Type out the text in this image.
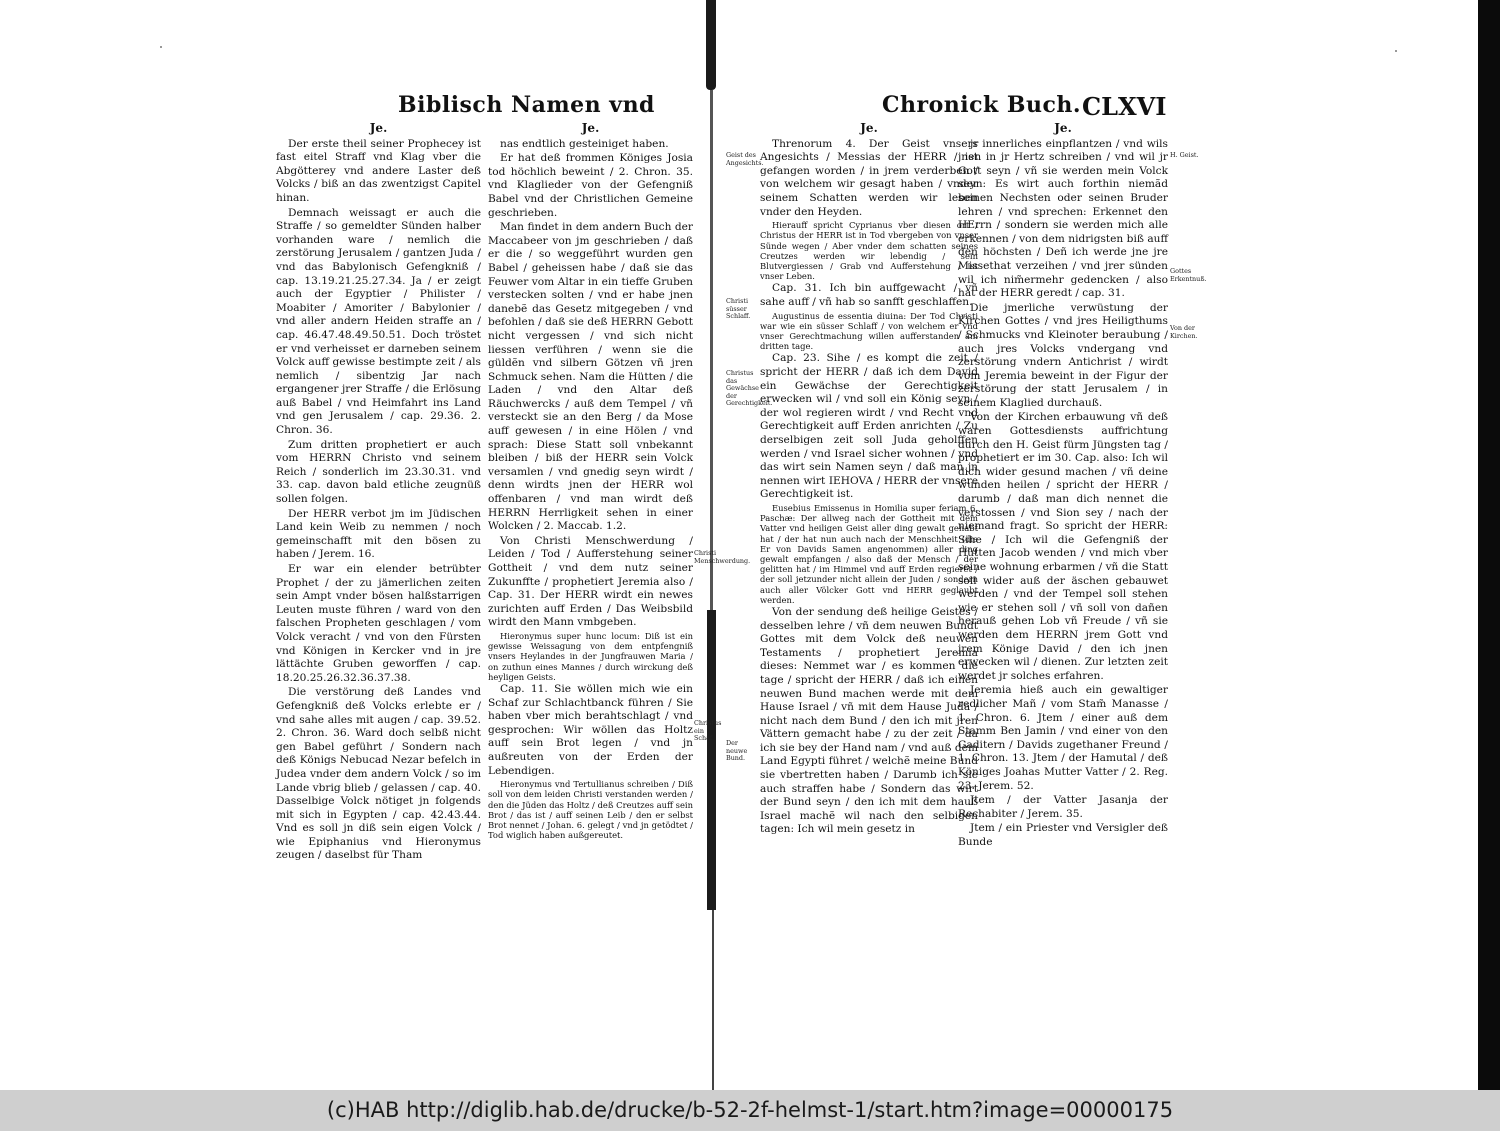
Biblisch Namen vnd
Je.

Der erste theil seiner Prophecey ist fast eitel Straff vnd Klag vber die Abgötterey vnd andere Laster deß Volcks / biß an das zwentzigst Capitel hinan.

Demnach weissagt er auch die Straffe / so gemeldter Sünden halber vorhanden ware / nemlich die zerstörung Jerusalem / gantzen Juda / vnd das Babylonisch Gefengkniß / cap. 13.19.21.25.27.34. Ja / er zeigt auch der Egyptier / Philister / Moabiter / Amoriter / Babylonier / vnd aller andern Heiden straffe an / cap. 46.47.48.49.50.51. Doch tröstet er vnd verheisset er darneben seinem Volck auff gewisse bestimpte zeit / als nemlich / sibentzig Jar nach ergangener jrer Straffe / die Erlösung auß Babel / vnd Heimfahrt ins Land vnd gen Jerusalem / cap. 29.36. 2. Chron. 36.

Zum dritten prophetiert er auch vom HERRN Christo vnd seinem Reich / sonderlich im 23.30.31. vnd 33. cap. davon bald etliche zeugnüß sollen folgen.

Der HERR verbot jm im Jüdischen Land kein Weib zu nemmen / noch gemeinschafft mit den bösen zu haben / Jerem. 16.

Er war ein elender betrübter Prophet / der zu jämerlichen zeiten sein Ampt vnder bösen halßstarrigen Leuten muste führen / ward von den falschen Propheten geschlagen / vom Volck veracht / vnd von den Fürsten vnd Königen in Kercker vnd in jre lättächte Gruben geworffen / cap. 18.20.25.26.32.36.37.38.

Die verstörung deß Landes vnd Gefengkniß deß Volcks erlebte er / vnd sahe alles mit augen / cap. 39.52. 2. Chron. 36. Ward doch selbß nicht gen Babel geführt / Sondern nach deß Königs Nebucad Nezar befelch in Judea vnder dem andern Volck / so im Lande vbrig blieb / gelassen / cap. 40. Dasselbige Volck nötiget jn folgends mit sich in Egypten / cap. 42.43.44. Vnd es soll jn diß sein eigen Volck / wie Epiphanius vnd Hieronymus zeugen / daselbst für Tham

Je.

nas endtlich gesteiniget haben.

Er hat deß frommen Königes Josia tod höchlich beweint / 2. Chron. 35. vnd Klaglieder von der Gefengniß Babel vnd der Christlichen Gemeine geschrieben.

Man findet in dem andern Buch der Maccabeer von jm geschrieben / daß er die / so weggeführt wurden gen Babel / geheissen habe / daß sie das Feuwer vom Altar in ein tieffe Gruben verstecken solten / vnd er habe jnen danebẽ das Gesetz mitgegeben / vnd befohlen / daß sie deß HERRN Gebott nicht vergessen / vnd sich nicht liessen verführen / wenn sie die güldẽn vnd silbern Götzen vñ jren Schmuck sehen. Nam die Hütten / die Laden / vnd den Altar deß Räuchwercks / auß dem Tempel / vñ versteckt sie an den Berg / da Mose auff gewesen / in eine Hölen / vnd sprach: Diese Statt soll vnbekannt bleiben / biß der HERR sein Volck versamlen / vnd gnedig seyn wirdt / denn wirdts jnen der HERR wol offenbaren / vnd man wirdt deß HERRN Herrligkeit sehen in einer Wolcken / 2. Maccab. 1.2.

Von Christi Menschwerdung / Leiden / Tod / Aufferstehung seiner Gottheit / vnd dem nutz seiner Zukunffte / prophetiert Jeremia also / Cap. 31. Der HERR wirdt ein newes zurichten auff Erden / Das Weibsbild wirdt den Mann vmbgeben.

Hieronymus super hunc locum: Diß ist ein gewisse Weissagung von dem entpfengniß vnsers Heylandes in der Jungfrauwen Maria / on zuthun eines Mannes / durch wirckung deß heyligen Geists.

Cap. 11. Sie wöllen mich wie ein Schaf zur Schlachtbanck führen / Sie haben vber mich berahtschlagt / vnd gesprochen: Wir wöllen das Holtz auff sein Brot legen / vnd jn außreuten von der Erden der Lebendigen.

Hieronymus vnd Tertullianus schreiben / Diß soll von dem leiden Christi verstanden werden / den die Jüden das Holtz / deß Creutzes auff sein Brot / das ist / auff seinen Leib / den er selbst Brot nennet / Johan. 6. gelegt / vnd jn getödtet / Tod wiglich haben außgereutet.

Christi Menschwerdung.
Christus ein Schaf.
Chronick Buch. CLXVI
Je.

Threnorum 4. Der Geist vnsers Angesichts / Messias der HERR / ist gefangen worden / in jrem verderben / von welchem wir gesagt haben / vnder seinem Schatten werden wir leben vnder den Heyden.

Hierauff spricht Cyprianus vber diesen ort / Christus der HERR ist in Tod vbergeben von vnser Sünde wegen / Aber vnder dem schatten seines Creutzes werden wir lebendig / sein Blutvergiessen / Grab vnd Aufferstehung / ist vnser Leben.

Cap. 31. Ich bin auffgewacht / vñ sahe auff / vñ hab so sanfft geschlaffen.

Augustinus de essentia diuina: Der Tod Christi war wie ein süsser Schlaff / von welchem er vnd vnser Gerechtmachung willen aufferstanden am dritten tage.

Cap. 23. Sihe / es kompt die zeit / spricht der HERR / daß ich dem David ein Gewächse der Gerechtigkeit erwecken wil / vnd soll ein König seyn / der wol regieren wirdt / vnd Recht vnd Gerechtigkeit auff Erden anrichten / Zu derselbigen zeit soll Juda geholffen werden / vnd Israel sicher wohnen / vnd das wirt sein Namen seyn / daß man jn nennen wirt IEHOVA / HERR der vnsere Gerechtigkeit ist.

Eusebius Emissenus in Homilia super feriam 6. Paschæ: Der allweg nach der Gottheit mit dem Vatter vnd heiligen Geist aller ding gewalt gehabt hat / der hat nun auch nach der Menschheit (die Er von Davids Samen angenommen) aller ding gewalt empfangen / also daß der Mensch / der gelitten hat / im Himmel vnd auff Erden regieret / der soll jetzunder nicht allein der Juden / sondern auch aller Völcker Gott vnd HERR geglaubt werden.

Von der sendung deß heilige Geistes / desselben lehre / vñ dem neuwen Bundt Gottes mit dem Volck deß neuwen Testaments / prophetiert Jeremia dieses: Nemmet war / es kommen die tage / spricht der HERR / daß ich einen neuwen Bund machen werde mit dem Hause Israel / vñ mit dem Hause Juda / nicht nach dem Bund / den ich mit jren Vättern gemacht habe / zu der zeit / da ich sie bey der Hand nam / vnd auß dem Land Egypti führet / welchẽ meine Bund sie vbertretten haben / Darumb ich sie auch straffen habe / Sondern das wirt der Bund seyn / den ich mit dem hauß Israel machẽ wil nach den selbigen tagen: Ich wil mein gesetz in

Je.

jr innerliches einpflantzen / vnd wils jnen in jr Hertz schreiben / vnd wil jr Gott seyn / vñ sie werden mein Volck seyn: Es wirt auch forthin niemãd seinen Nechsten oder seinen Bruder lehren / vnd sprechen: Erkennet den HErrn / sondern sie werden mich alle erkennen / von dem nidrigsten biß auff den höchsten / Deñ ich werde jne jre Missethat verzeihen / vnd jrer sünden wil ich nim̃ermehr gedencken / also hat der HERR geredt / cap. 31.

Die jmerliche verwüstung der Kirchen Gottes / vnd jres Heiligthums / Schmucks vnd Kleinoter beraubung / auch jres Volcks vndergang vnd zerstörung vndern Antichrist / wirdt vom Jeremia beweint in der Figur der zerstörung der statt Jerusalem / in seinem Klaglied durchauß.

Von der Kirchen erbauwung vñ deß waren Gottesdiensts auffrichtung durch den H. Geist fürm Jüngsten tag / prophetiert er im 30. Cap. also: Ich wil dich wider gesund machen / vñ deine wunden heilen / spricht der HERR / darumb / daß man dich nennet die verstossen / vnd Sion sey / nach der niemand fragt. So spricht der HERR: Sihe / Ich wil die Gefengniß der Hütten Jacob wenden / vnd mich vber seine wohnung erbarmen / vñ die Statt soll wider auß der äschen gebauwet werden / vnd der Tempel soll stehen wie er stehen soll / vñ soll von dañen herauß gehen Lob vñ Freude / vñ sie werden dem HERRN jrem Gott vnd jrem Könige David / den ich jnen erwecken wil / dienen. Zur letzten zeit werdet jr solches erfahren.

Jeremia hieß auch ein gewaltiger redlicher Mañ / vom Stam̃ Manasse / 1. Chron. 6. Jtem / einer auß dem Stamm Ben Jamin / vnd einer von den Gaditern / Davids zugethaner Freund / 1. Chron. 13. Jtem / der Hamutal / deß Königes Joahas Mutter Vatter / 2. Reg. 23. Jerem. 52.

Jtem / der Vatter Jasanja der Rechabiter / Jerem. 35.

Jtem / ein Priester vnd Versigler deß Bunde

Geist des Angesichts.
Christi süsser Schlaff.
Christus das Gewächse der Gerechtigkeit.
Der neuwe Bund.
H. Geist.
Gottes Erkentnuß.
Von der Kirchen.
(c)HAB http://diglib.hab.de/drucke/b-52-2f-helmst-1/start.htm?image=00000175
